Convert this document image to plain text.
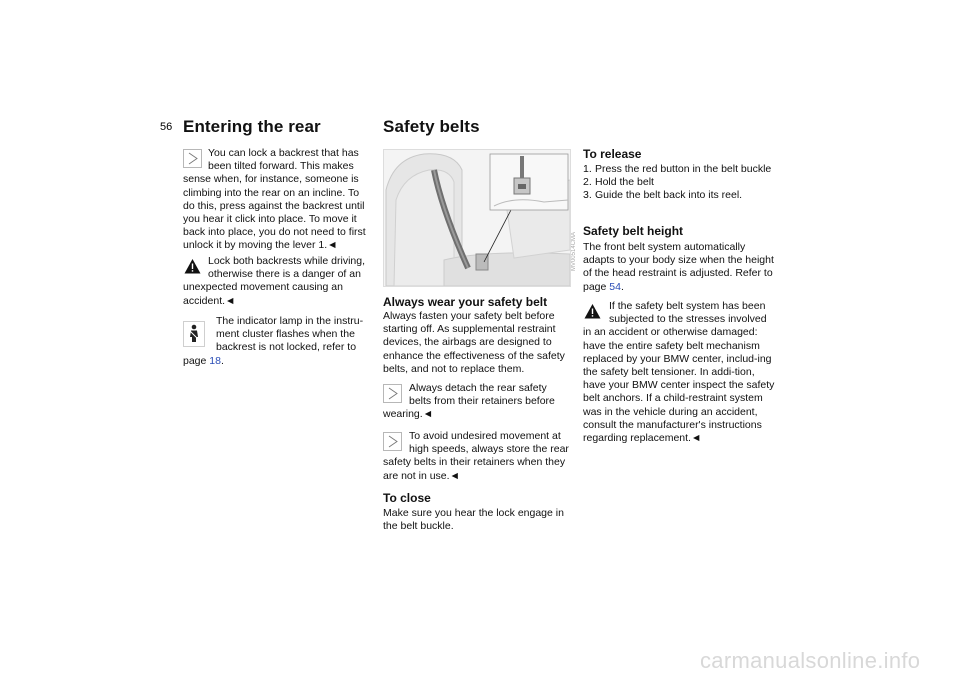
56 Entering the rear

You can lock a backrest that has

been tilted forward. This makes

sense when, for instance, someone is climbing into the rear on an incline. To do this, press against the backrest until you hear it click into place. To move it back into place, you do not need to first unlock it by moving the lever 1.◄

Lock both backrests while driving,

otherwise there is a danger of an

unexpected movement causing an accident.◄

The indicator lamp in the instru-

ment cluster flashes when the

backrest is not locked, refer to

page 18.

Safety belts
MV00514CMA
Always wear your safety belt
Always fasten your safety belt before starting off. As supplemental restraint devices, the airbags are designed to enhance the effectiveness of the safety belts, and not to replace them.

Always detach the rear safety

belts from their retainers before

wearing.◄

To avoid undesired movement at

high speeds, always store the rear

safety belts in their retainers when they are not in use.◄

To close
Make sure you hear the lock engage in the belt buckle.
To release
1. Press the red button in the belt buckle
2. Hold the belt
3. Guide the belt back into its reel.
Safety belt height
The front belt system automatically adapts to your body size when the height of the head restraint is adjusted. Refer to page 54.

If the safety belt system has been

subjected to the stresses involved

in an accident or otherwise damaged: have the entire safety belt mechanism replaced by your BMW center, includ-ing the safety belt tensioner. In addi-tion, have your BMW center inspect the safety belt anchors. If a child-restraint system was in the vehicle during an accident, consult the manufacturer's instructions regarding replacement.◄

carmanualsonline.info
